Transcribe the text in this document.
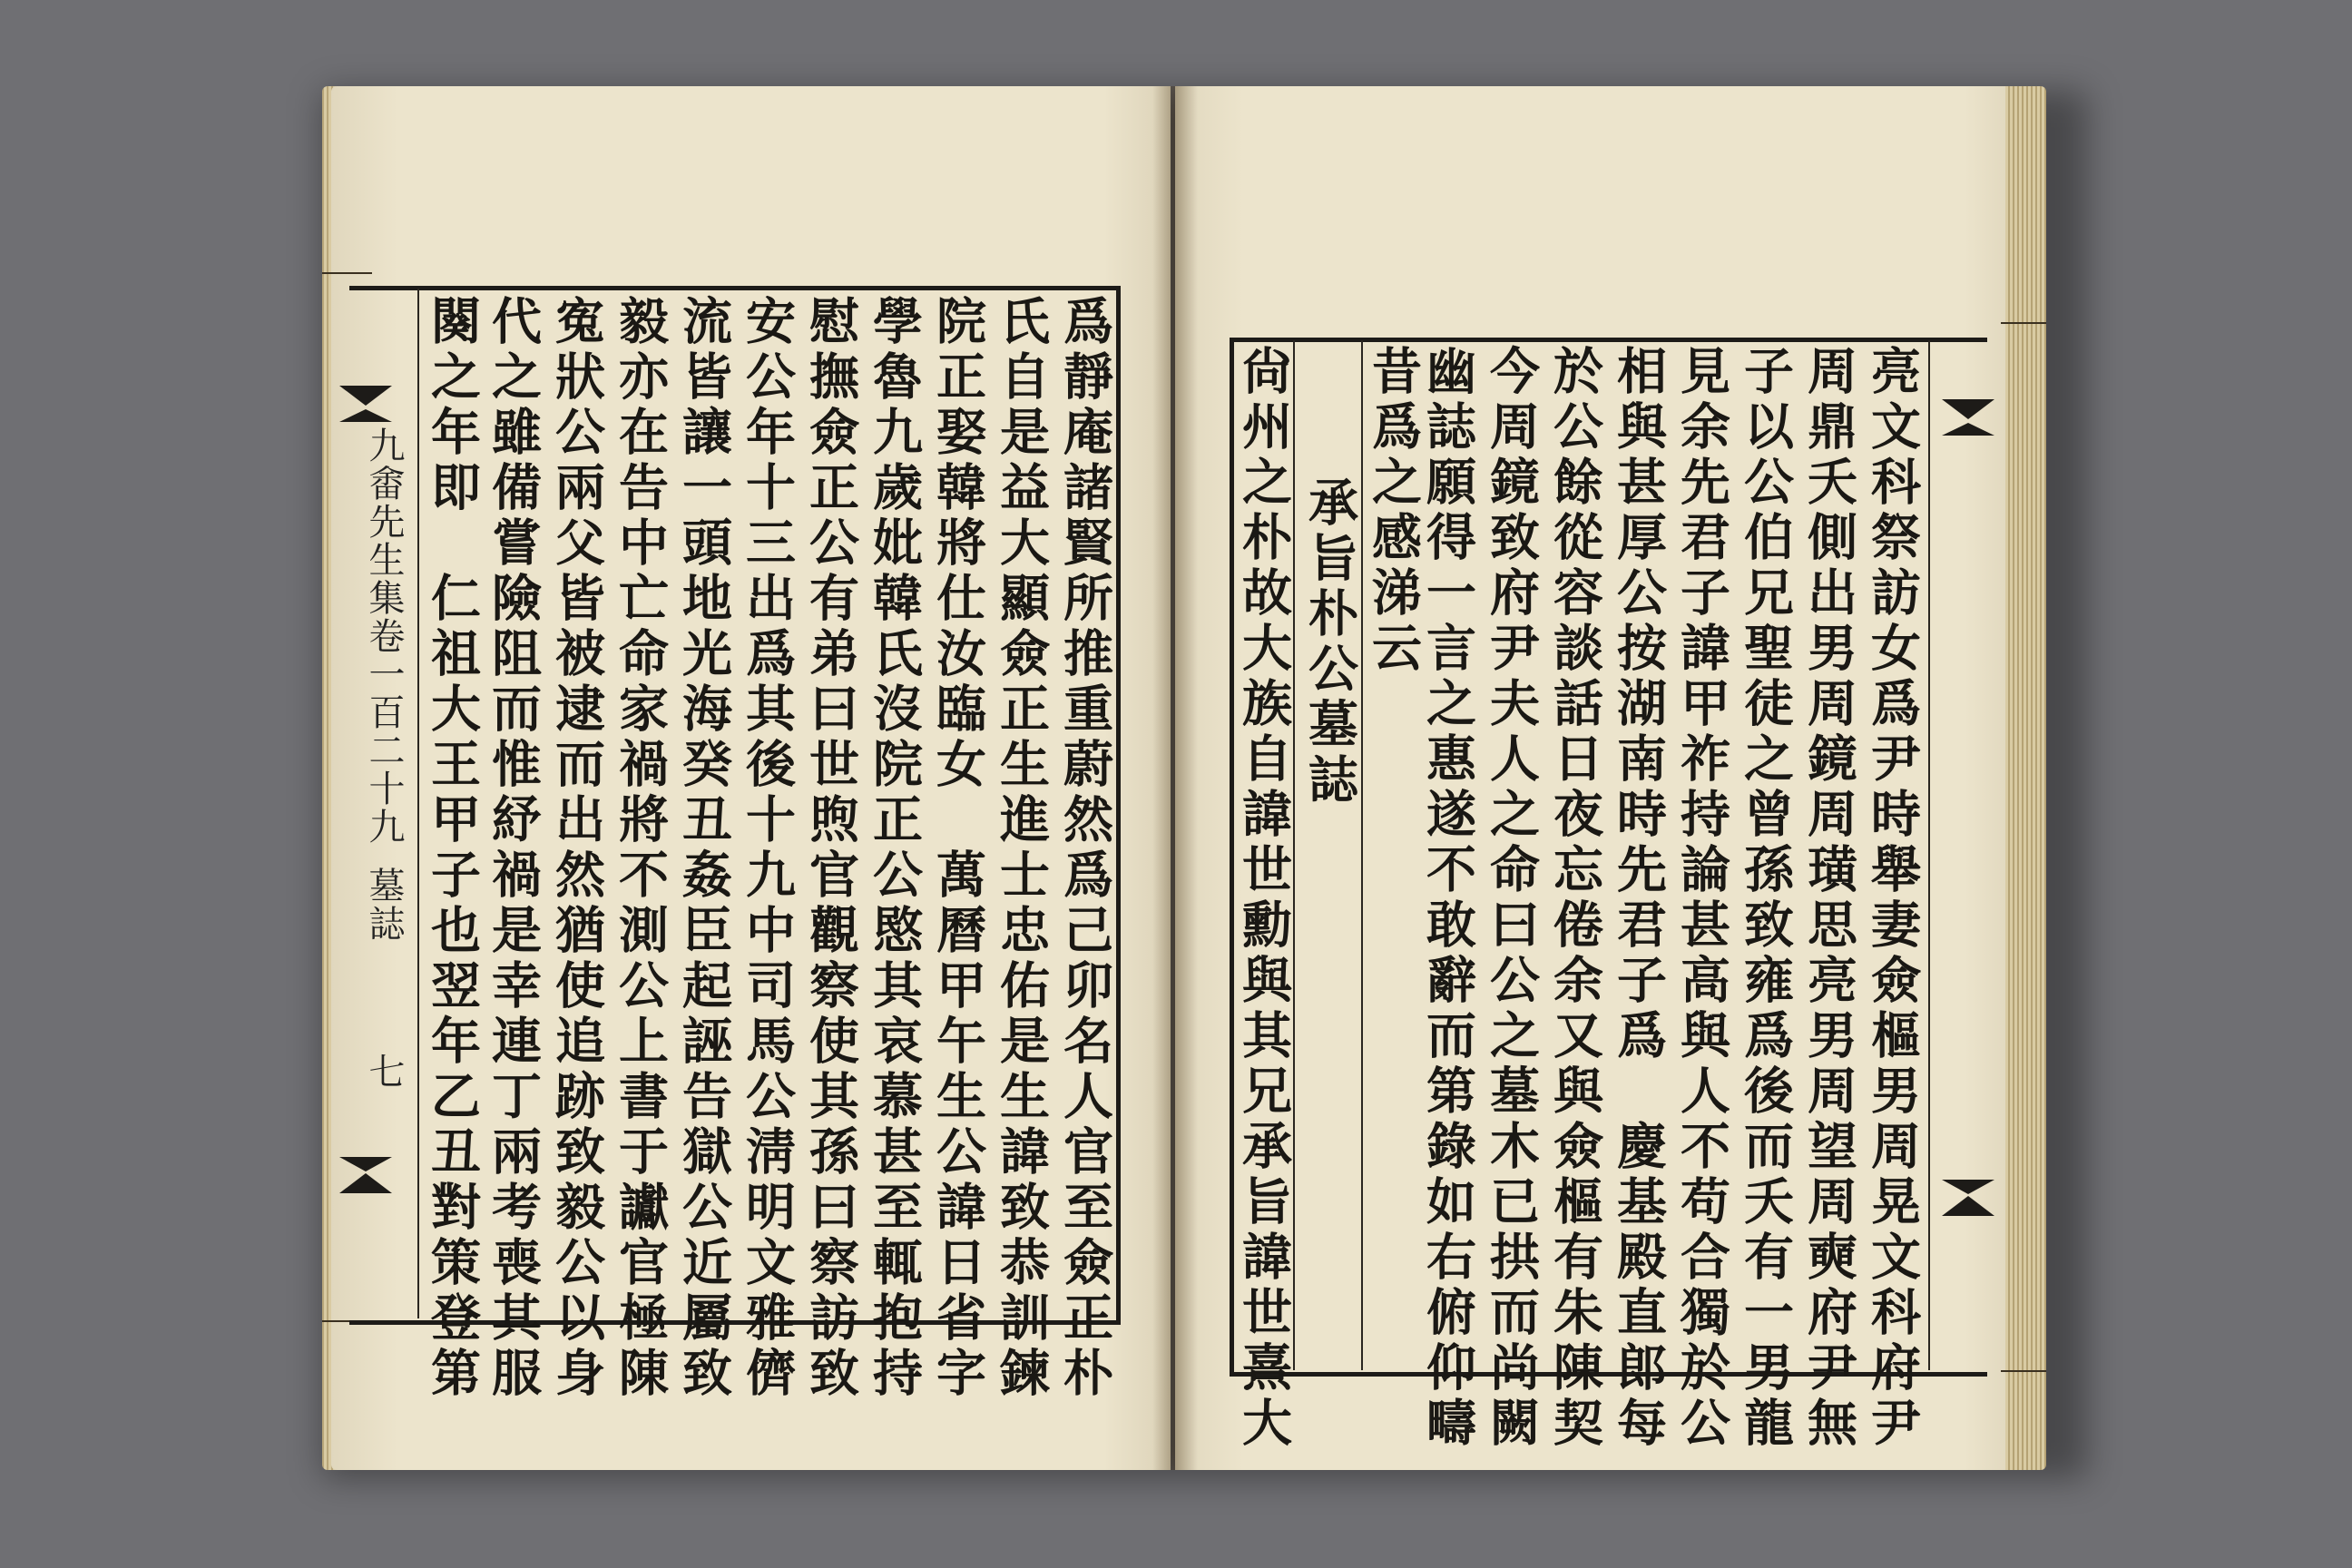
九畬先生集卷一百二十九
墓誌
七	爲靜庵諸賢所推重蔚然爲己卯名人官至僉正朴
氏自是益大顯僉正生進士忠佑是生諱致恭訓鍊
院正娶韓將仕汝臨女　萬曆甲午生公諱日省字
學魯九歲妣韓氏沒院正公愍其哀慕甚至輒抱持
慰撫僉正公有弟曰世煦官觀察使其孫曰察訪致
安公年十三出爲其後十九中司馬公淸明文雅儕
流皆讓一頭地光海癸丑姦臣起誣告獄公近屬致
毅亦在告中亡命家禍將不測公上書于讞官極陳
寃狀公兩父皆被逮而出然猶使追跡致毅公以身
代之雖備嘗險阻而惟紓禍是幸連丁兩考喪其服
闋之年即　仁祖大王甲子也翌年乙丑對策登第	亮文科祭訪女爲尹時舉妻僉樞男周晃文科府尹
周鼎夭側出男周鏡周璜思亮男周望周奭府尹無
子以公伯兄聖徒之曾孫致雍爲後而夭有一男龍
見余先君子諱甲祚持論甚高與人不苟合獨於公
相與甚厚公按湖南時先君子爲　慶基殿直郎每
於公餘從容談話日夜忘倦余又與僉樞有朱陳契
今周鏡致府尹夫人之命曰公之墓木已拱而尚闕
幽誌願得一言之惠遂不敢辭而第錄如右俯仰疇
昔爲之感涕云
承旨朴公墓誌
尙州之朴故大族自諱世勳與其兄承旨諱世熹大
